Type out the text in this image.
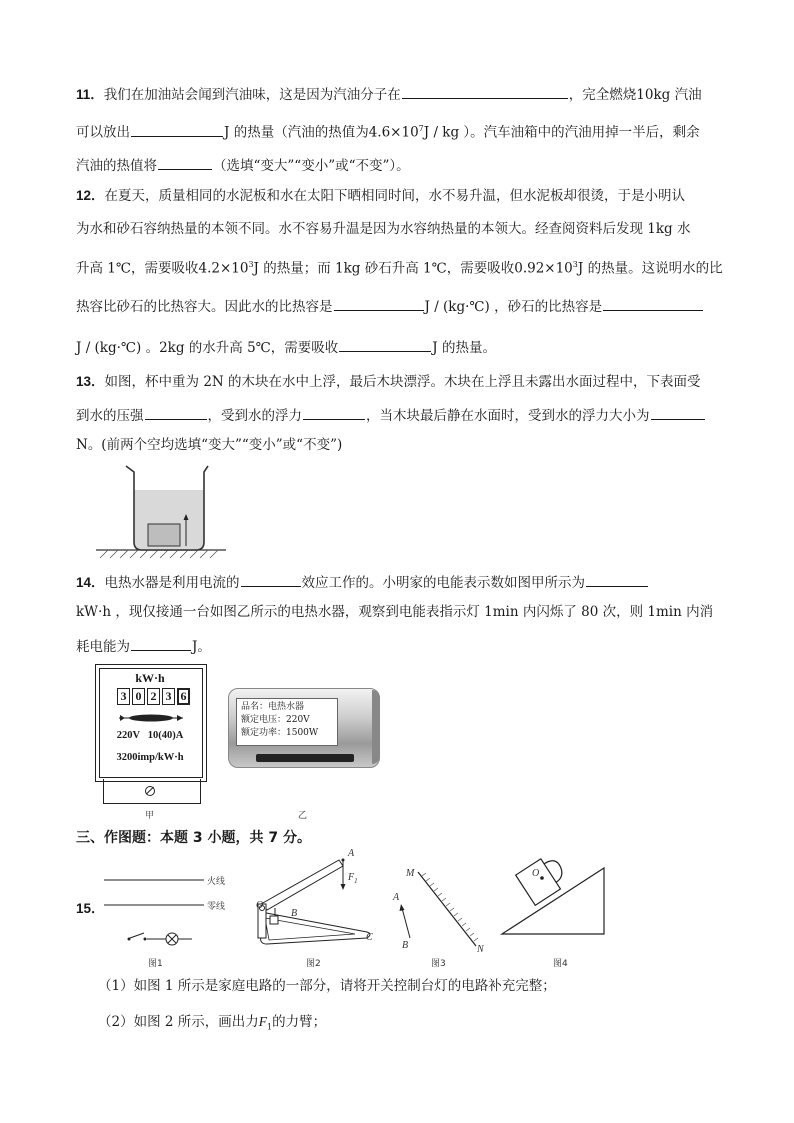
11．我们在加油站会闻到汽油味，这是因为汽油分子在	，完全燃烧10kg 汽油
可以放出	J 的热量（汽油的热值为$4.6\times 10^7J$ / kg ）。汽车油箱中的汽油用掉一半后，剩余
汽油的热值将	（选填“变大”“变小”或“不变”）。
12．在夏天，质量相同的水泥板和水在太阳下晒相同时间，水不易升温，但水泥板却很烫，于是小明认
为水和砂石容纳热量的本领不同。水不容易升温是因为水容纳热量的本领大。经查阅资料后发现 1kg 水
升高 1℃，需要吸收$4.2\times 10^3J$ 的热量；而 1kg 砂石升高 1℃，需要吸收$0.92\times 10^3J$ 的热量。这说明水的比
热容比砂石的比热容大。因此水的比热容是	J / (kg·℃) ，砂石的比热容是
J / (kg·℃) 。2kg 的水升高 5℃，需要吸收	J 的热量。
13．如图，杯中重为 2N 的木块在水中上浮，最后木块漂浮。木块在上浮且未露出水面过程中，下表面受
到水的压强	，受到水的浮力	，当木块最后静在水面时，受到水的浮力大小为
N。(前两个空均选填“变大”“变小”或“不变”)
14．电热水器是利用电流的	效应工作的。小明家的电能表示数如图甲所示为
kW·h ，现仅接通一台如图乙所示的电热水器，观察到电能表指示灯 1min 内闪烁了 80 次，则 1min 内消
耗电能为	J。
kW·h
3 0 2 3 6
220V   10(40)A
3200imp/kW·h
甲
品名：电热水器
额定电压：220V
额定功率：1500W
乙
三、作图题：本题 3 小题，共 7 分。
15．
火线
零线
图1
A
$F_1$
O
B
C
图2
M
A
B	N
图3
O
图4
（1）如图 1 所示是家庭电路的一部分，请将开关控制台灯的电路补充完整；
（2）如图 2 所示，画出力$F_1$的力臂；
